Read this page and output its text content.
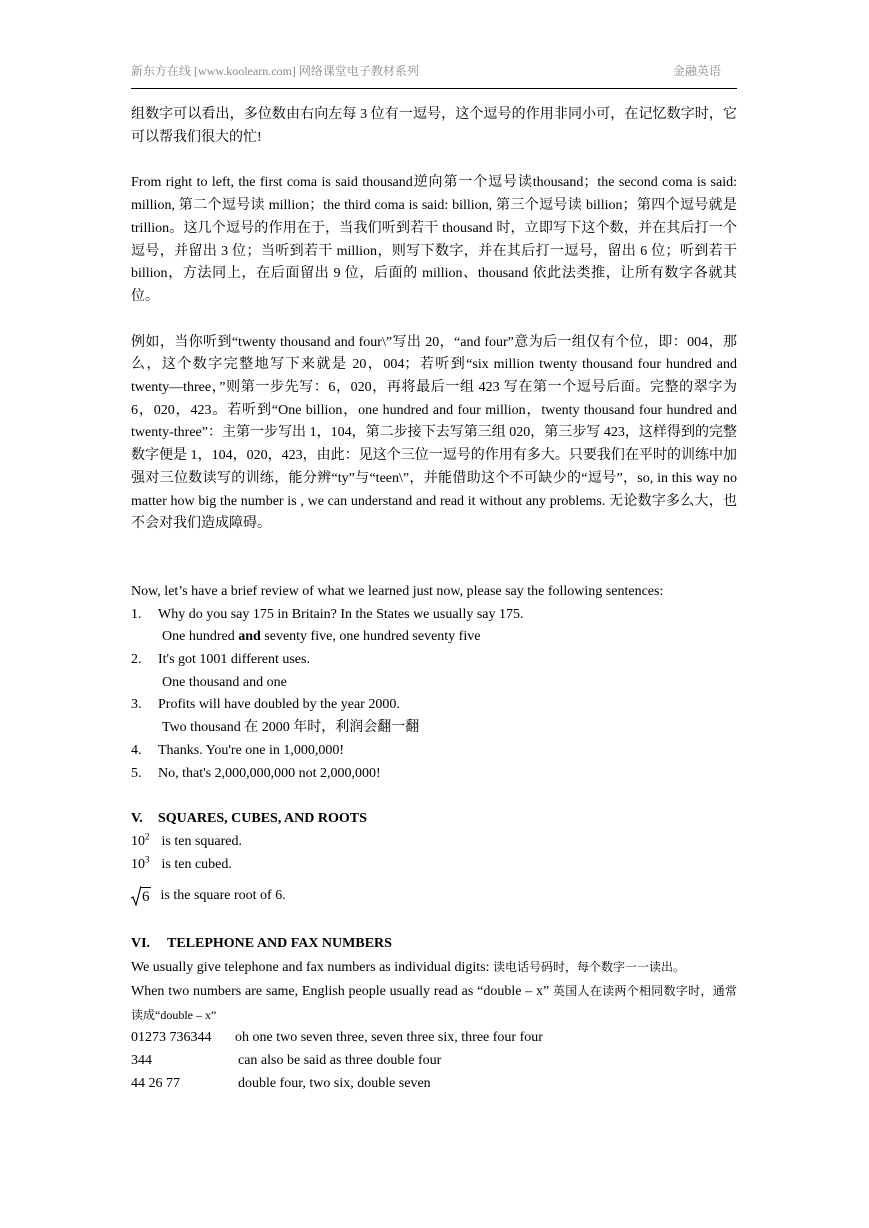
新东方在线 [www.koolearn.com] 网络课堂电子教材系列	金融英语

组数字可以看出，多位数由右向左每 3 位有一逗号，这个逗号的作用非同小可，在记忆数字时，它可以帮我们很大的忙!

From right to left, the first coma is said thousand逆向第一个逗号读thousand；the second coma is said: million, 第二个逗号读 million；the third coma is said: billion, 第三个逗号读 billion；第四个逗号就是 trillion。这几个逗号的作用在于，当我们听到若干 thousand 时，立即写下这个数，并在其后打一个逗号，并留出 3 位；当听到若干 million，则写下数字，并在其后打一逗号，留出 6 位；听到若干 billion，方法同上，在后面留出 9 位，后面的 million、thousand 依此法类推，让所有数字各就其位。

例如，当你听到“twenty thousand and four\”写出 20，“and four”意为后一组仅有个位，即：004，那么，这个数字完整地写下来就是 20，004；若听到“six million twenty thousand four hundred and twenty—three，”则第一步先写：6，020，再将最后一组 423 写在第一个逗号后面。完整的翠字为 6，020，423。若听到“One billion，one hundred and four million，twenty thousand four hundred and twenty-three”：主第一步写出 1，104，第二步接下去写第三组 020，第三步写 423，这样得到的完整数字便是 1，104，020，423，由此：见这个三位一逗号的作用有多大。只要我们在平时的训练中加强对三位数读写的训练，能分辨“ty”与“teen\”，并能借助这个不可缺少的“逗号”，so, in this way no matter how big the number is , we can understand and read it without any problems. 无论数字多么大，也不会对我们造成障碍。

Now, let’s have a brief review of what we learned just now, please say the following sentences:

1. Why do you say 175 in Britain? In the States we usually say 175.

One hundred and seventy five, one hundred seventy five

2. It's got 1001 different uses.

One thousand and one

3. Profits will have doubled by the year 2000.

Two thousand 在 2000 年时，利润会翻一翻

4. Thanks. You're one in 1,000,000!

5. No, that's 2,000,000,000 not 2,000,000!

V. SQUARES, CUBES, AND ROOTS

$10^2$ is ten squared.

$10^3$ is ten cubed.

6 is the square root of 6.

VI. TELEPHONE AND FAX NUMBERS

We usually give telephone and fax numbers as individual digits: 读电话号码时，每个数字一一读出。

When two numbers are same, English people usually read as “double – x” 英国人在读两个相同数字时，通常读成“double – x”

01273 736344	oh one two seven three, seven three six, three four four
344	can also be said as three double four
44 26 77	double four, two six, double seven
